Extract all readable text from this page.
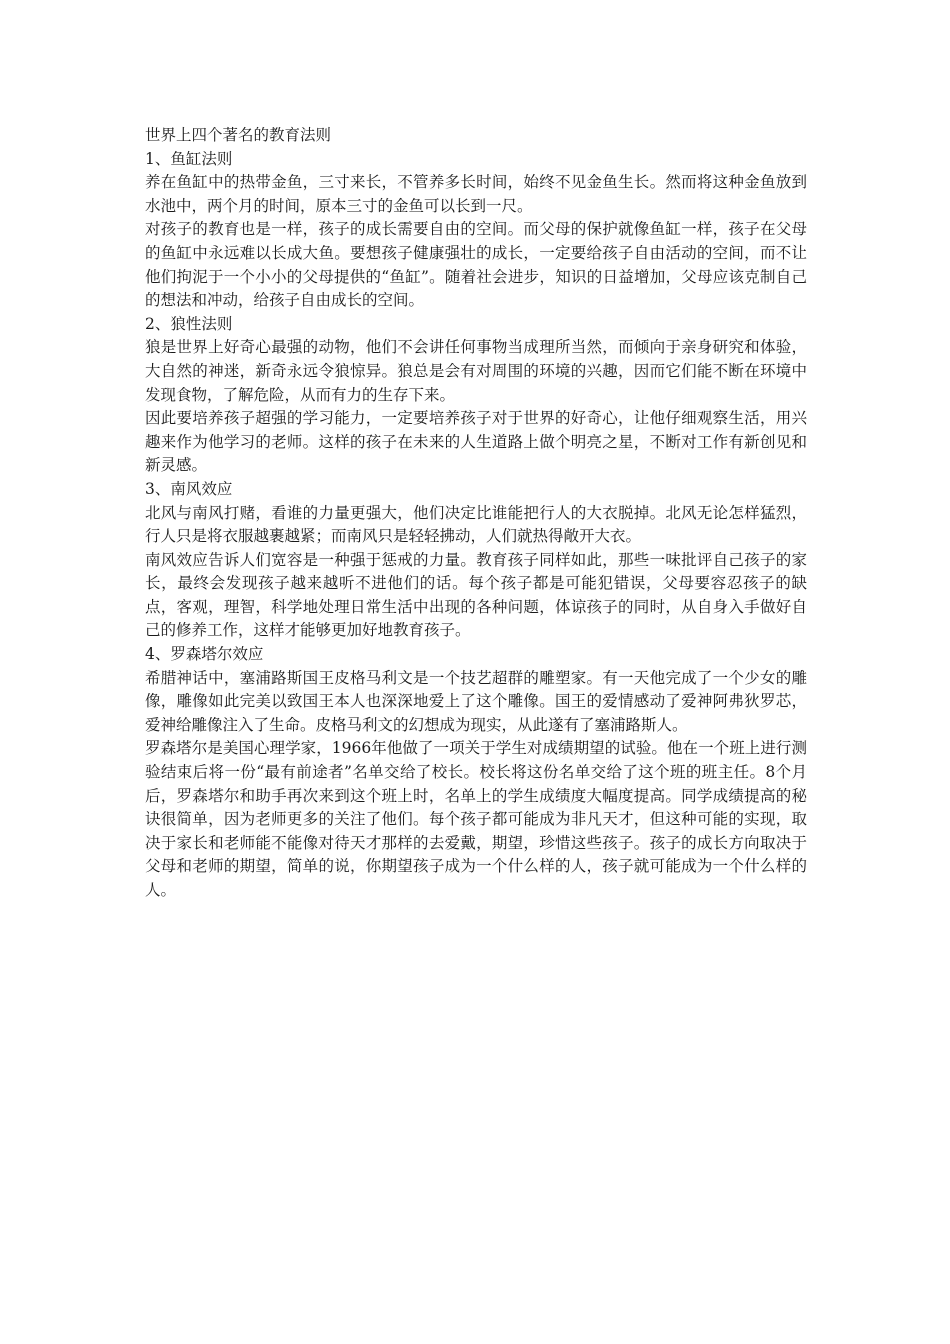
世界上四个著名的教育法则

1、鱼缸法则

养在鱼缸中的热带金鱼，三寸来长，不管养多长时间，始终不见金鱼生长。然而将这种金鱼放到水池中，两个月的时间，原本三寸的金鱼可以长到一尺。

对孩子的教育也是一样，孩子的成长需要自由的空间。而父母的保护就像鱼缸一样，孩子在父母的鱼缸中永远难以长成大鱼。要想孩子健康强壮的成长，一定要给孩子自由活动的空间，而不让他们拘泥于一个小小的父母提供的“鱼缸”。随着社会进步，知识的日益增加，父母应该克制自己的想法和冲动，给孩子自由成长的空间。

2、狼性法则

狼是世界上好奇心最强的动物，他们不会讲任何事物当成理所当然，而倾向于亲身研究和体验，大自然的神迷，新奇永远令狼惊异。狼总是会有对周围的环境的兴趣，因而它们能不断在环境中发现食物，了解危险，从而有力的生存下来。

因此要培养孩子超强的学习能力，一定要培养孩子对于世界的好奇心，让他仔细观察生活，用兴趣来作为他学习的老师。这样的孩子在未来的人生道路上做个明亮之星，不断对工作有新创见和新灵感。

3、南风效应

北风与南风打赌，看谁的力量更强大，他们决定比谁能把行人的大衣脱掉。北风无论怎样猛烈，行人只是将衣服越裹越紧；而南风只是轻轻拂动，人们就热得敞开大衣。

南风效应告诉人们宽容是一种强于惩戒的力量。教育孩子同样如此，那些一味批评自己孩子的家长，最终会发现孩子越来越听不进他们的话。每个孩子都是可能犯错误，父母要容忍孩子的缺点，客观，理智，科学地处理日常生活中出现的各种问题，体谅孩子的同时，从自身入手做好自己的修养工作，这样才能够更加好地教育孩子。

4、罗森塔尔效应

希腊神话中，塞浦路斯国王皮格马利文是一个技艺超群的雕塑家。有一天他完成了一个少女的雕像，雕像如此完美以致国王本人也深深地爱上了这个雕像。国王的爱情感动了爱神阿弗狄罗芯，爱神给雕像注入了生命。皮格马利文的幻想成为现实，从此遂有了塞浦路斯人。

罗森塔尔是美国心理学家，1966年他做了一项关于学生对成绩期望的试验。他在一个班上进行测验结束后将一份“最有前途者”名单交给了校长。校长将这份名单交给了这个班的班主任。8个月后，罗森塔尔和助手再次来到这个班上时，名单上的学生成绩度大幅度提高。同学成绩提高的秘诀很简单，因为老师更多的关注了他们。每个孩子都可能成为非凡天才，但这种可能的实现，取决于家长和老师能不能像对待天才那样的去爱戴，期望，珍惜这些孩子。孩子的成长方向取决于父母和老师的期望，简单的说，你期望孩子成为一个什么样的人，孩子就可能成为一个什么样的人。
